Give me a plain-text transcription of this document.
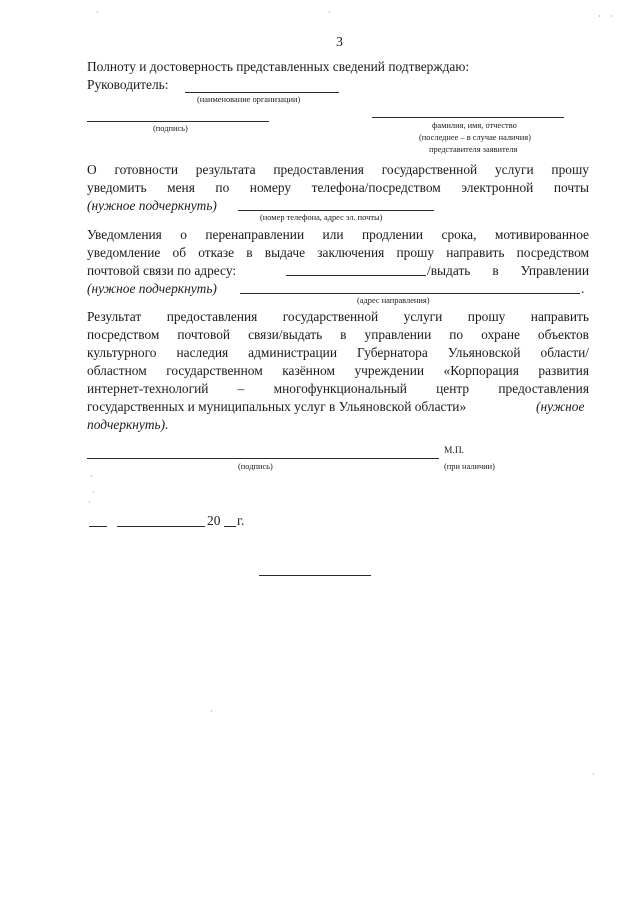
3
Полноту и достоверность представленных сведений подтверждаю:
Руководитель:
(наименование организации)
(подпись)	фамилия, имя, отчество
(последнее – в случае наличия)
представителя заявителя
О готовности результата предоставления государственной услуги прошу
уведомить меня по номеру телефона/посредством электронной почты
(нужное подчеркнуть)
(номер телефона, адрес эл. почты)
Уведомления о перенаправлении или продлении срока, мотивированное
уведомление об отказе в выдаче заключения прошу направить посредством
почтовой связи по адресу:	/выдать в Управлении
(нужное подчеркнуть)	.
(адрес направления)
Результат предоставления государственной услуги прошу направить
посредством почтовой связи/выдать в управлении по охране объектов
культурного наследия администрации Губернатора Ульяновской области/
областном государственном казённом учреждении «Корпорация развития
интернет-технологий – многофункциональный центр предоставления
государственных и муниципальных услуг в Ульяновской области»	(нужное
подчеркнуть).
М.П.
(подпись)	(при наличии)
·
·
·
20 г.
·	·	· ·
·
·
